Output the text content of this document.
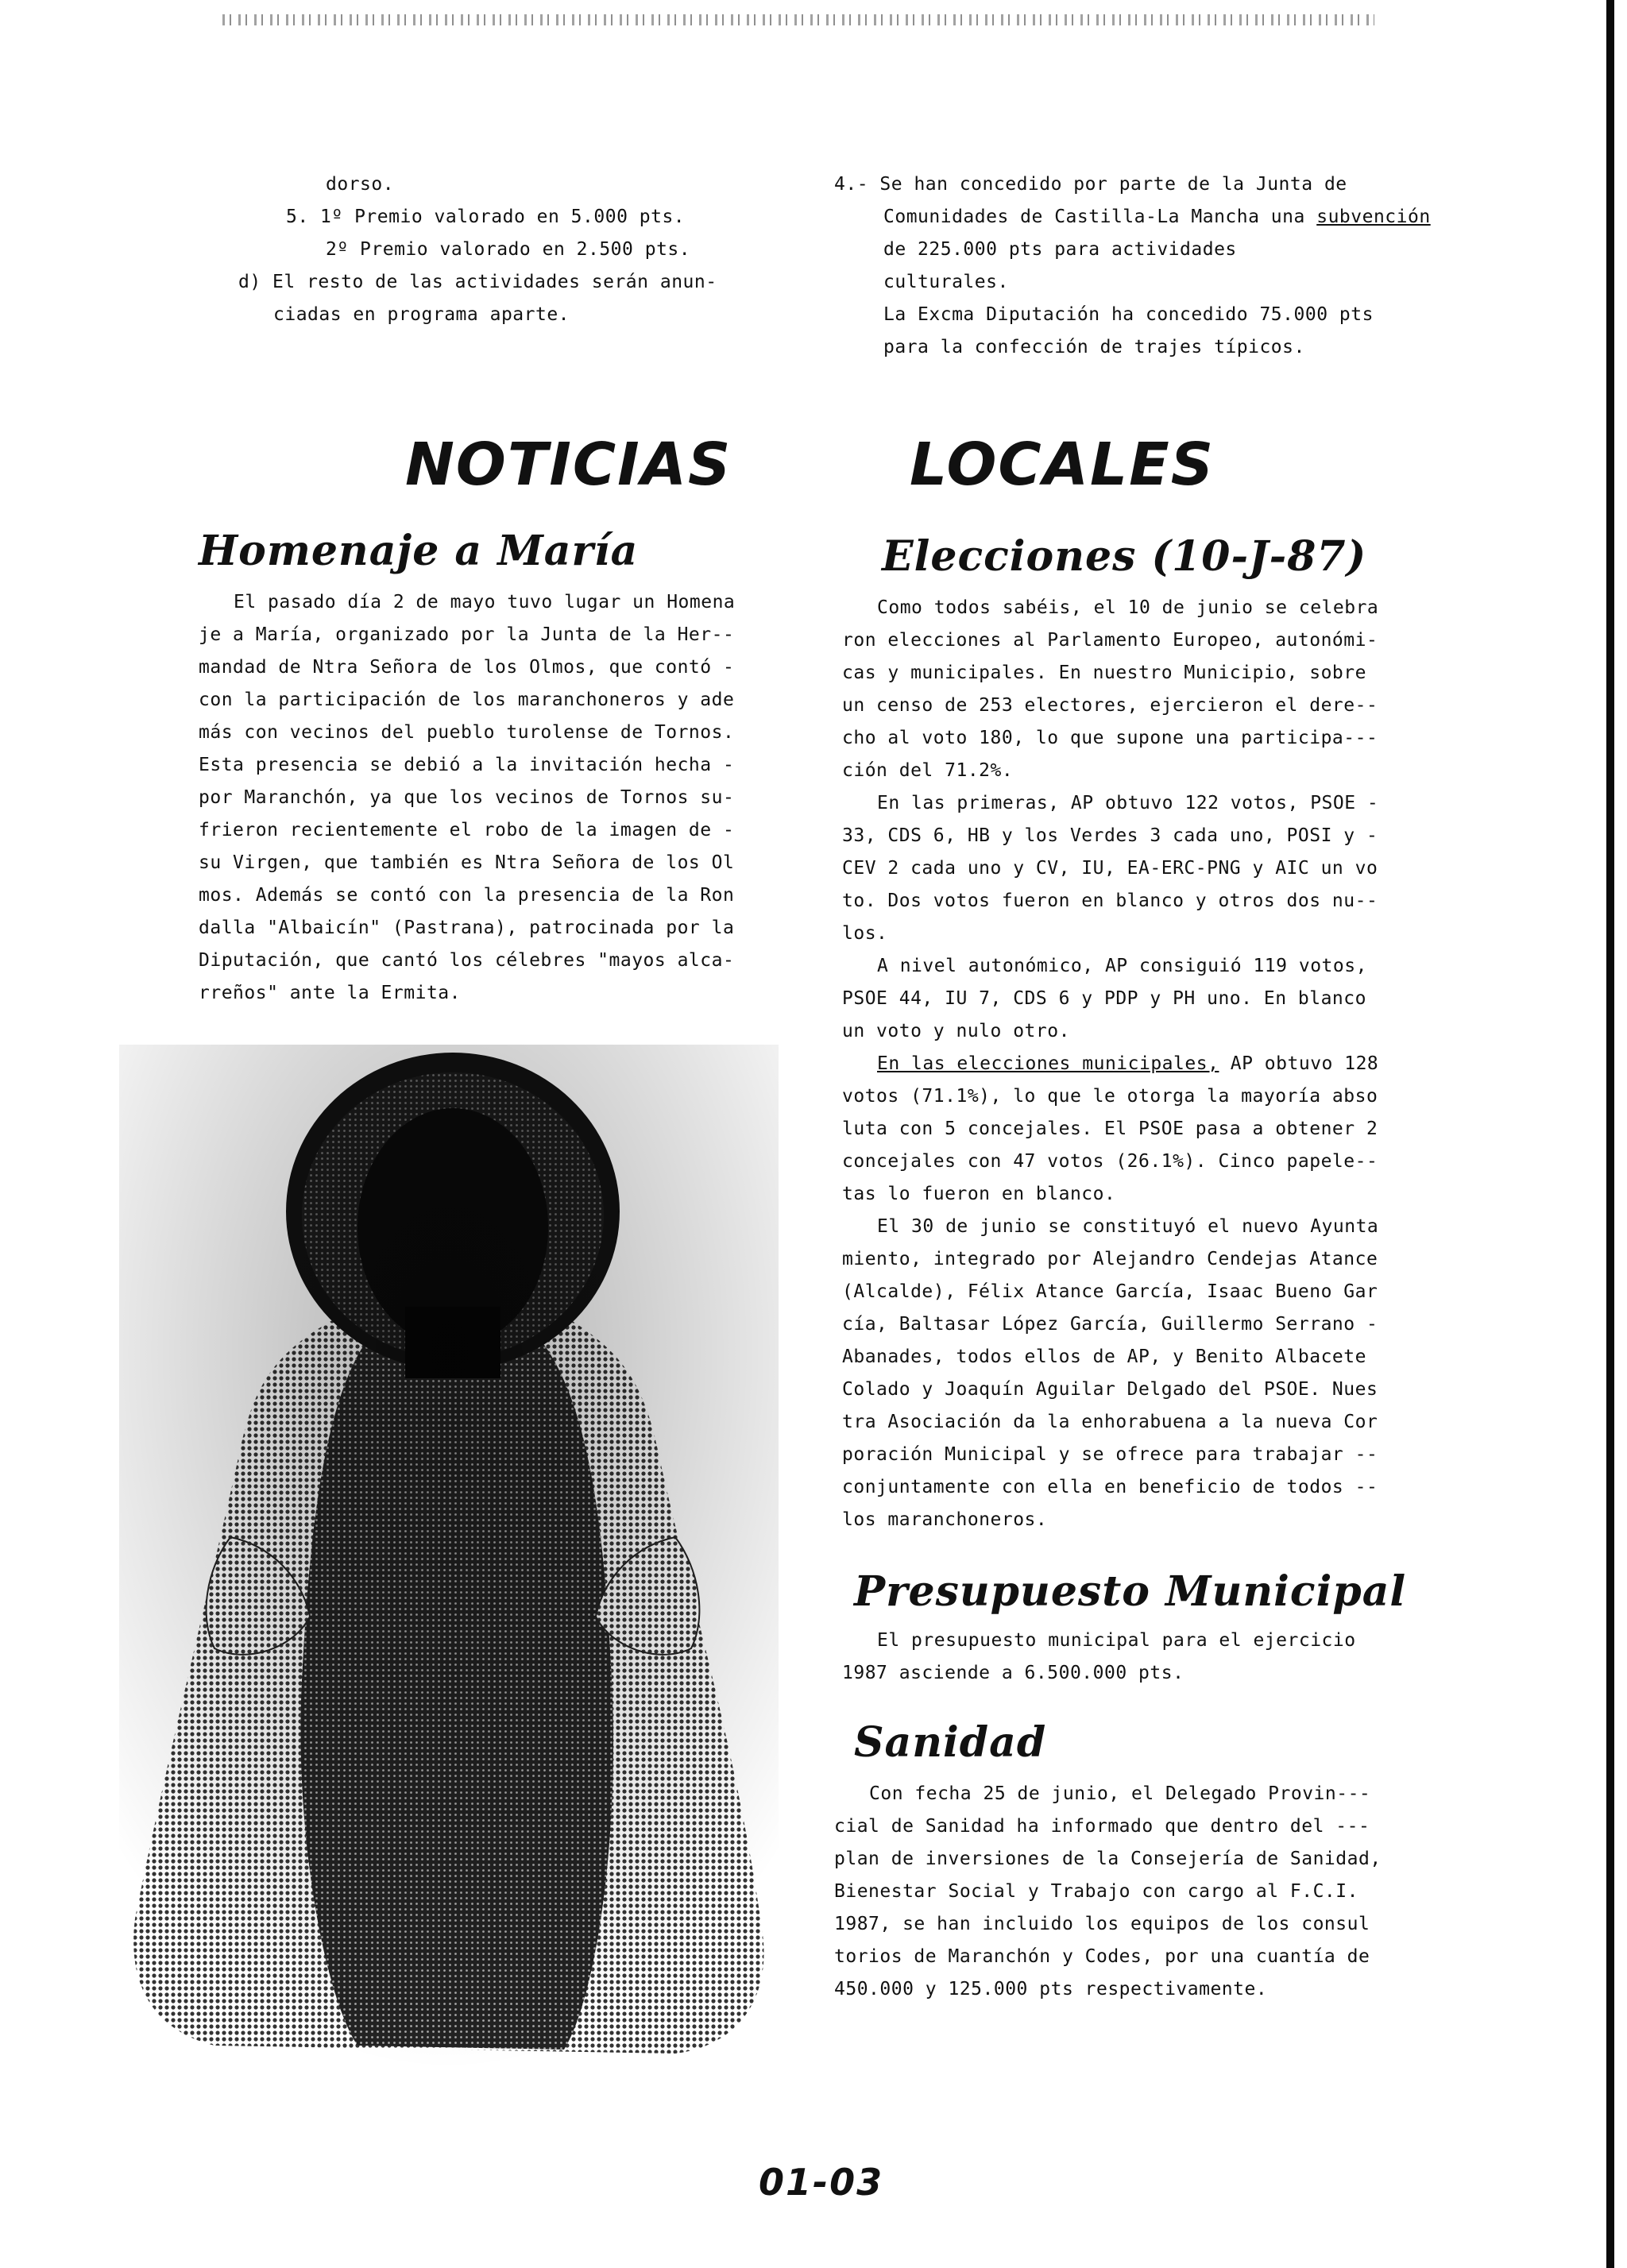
dorso.

5. 1º Premio valorado en 5.000 pts.

2º Premio valorado en 2.500 pts.

d) El resto de las actividades serán anun-

ciadas en programa aparte.

4.- Se han concedido por parte de la Junta de

Comunidades de Castilla-La Mancha una subvención

de 225.000 pts para actividades

culturales.

La Excma Diputación ha concedido 75.000 pts

para la confección de trajes típicos.

NOTICIAS	LOCALES
Homenaje a María

El pasado día 2 de mayo tuvo lugar un Homena

je a María, organizado por la Junta de la Her--

mandad de Ntra Señora de los Olmos, que contó -

con la participación de los maranchoneros y ade

más con vecinos del pueblo turolense de Tornos.

Esta presencia se debió a la invitación hecha -

por Maranchón, ya que los vecinos de Tornos su-

frieron recientemente el robo de la imagen de -

su Virgen, que también es Ntra Señora de los Ol

mos. Además se contó con la presencia de la Ron

dalla "Albaicín" (Pastrana), patrocinada por la

Diputación, que cantó los célebres "mayos alca-

rreños" ante la Ermita.

Elecciones (10-J-87)

Como todos sabéis, el 10 de junio se celebra

ron elecciones al Parlamento Europeo, autonómi-

cas y municipales. En nuestro Municipio, sobre

un censo de 253 electores, ejercieron el dere--

cho al voto 180, lo que supone una participa---

ción del 71.2%.

En las primeras, AP obtuvo 122 votos, PSOE -

33, CDS 6, HB y los Verdes 3 cada uno, POSI y -

CEV 2 cada uno y CV, IU, EA-ERC-PNG y AIC un vo

to. Dos votos fueron en blanco y otros dos nu--

los.

A nivel autonómico, AP consiguió 119 votos,

PSOE 44, IU 7, CDS 6 y PDP y PH uno. En blanco

un voto y nulo otro.

En las elecciones municipales, AP obtuvo 128

votos (71.1%), lo que le otorga la mayoría abso

luta con 5 concejales. El PSOE pasa a obtener 2

concejales con 47 votos (26.1%). Cinco papele--

tas lo fueron en blanco.

El 30 de junio se constituyó el nuevo Ayunta

miento, integrado por Alejandro Cendejas Atance

(Alcalde), Félix Atance García, Isaac Bueno Gar

cía, Baltasar López García, Guillermo Serrano -

Abanades, todos ellos de AP, y Benito Albacete

Colado y Joaquín Aguilar Delgado del PSOE. Nues

tra Asociación da la enhorabuena a la nueva Cor

poración Municipal y se ofrece para trabajar --

conjuntamente con ella en beneficio de todos --

los maranchoneros.

Presupuesto Municipal

El presupuesto municipal para el ejercicio

1987 asciende a 6.500.000 pts.

Sanidad

Con fecha 25 de junio, el Delegado Provin---

cial de Sanidad ha informado que dentro del ---

plan de inversiones de la Consejería de Sanidad,

Bienestar Social y Trabajo con cargo al F.C.I.

1987, se han incluido los equipos de los consul

torios de Maranchón y Codes, por una cuantía de

450.000 y 125.000 pts respectivamente.

01-03
